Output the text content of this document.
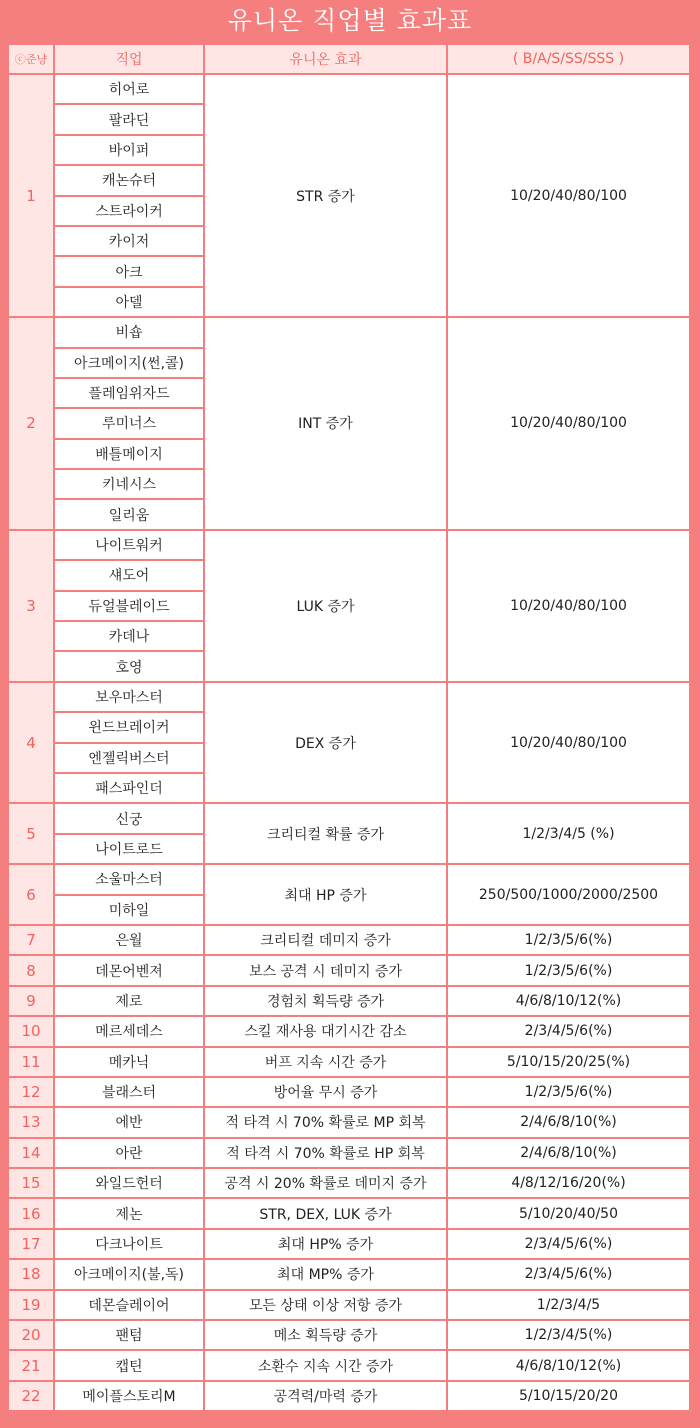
유니온 직업별 효과표
ⓒ준냥	직업	유니온 효과	( B/A/S/SS/SSS )
1	히어로	STR 증가	10/20/40/80/100
	팔라딘		
	바이퍼		
	캐논슈터		
	스트라이커		
	카이저		
	아크		
	아델		
2	비숍	INT 증가	10/20/40/80/100
	아크메이지(썬,콜)		
	플레임위자드		
	루미너스		
	배틀메이지		
	키네시스		
	일리움		
3	나이트워커	LUK 증가	10/20/40/80/100
	섀도어		
	듀얼블레이드		
	카데나		
	호영		
4	보우마스터	DEX 증가	10/20/40/80/100
	윈드브레이커		
	엔젤릭버스터		
	패스파인더		
5	신궁	크리티컬 확률 증가	1/2/3/4/5 (%)
	나이트로드		
6	소울마스터	최대 HP 증가	250/500/1000/2000/2500
	미하일		
7	은월	크리티컬 데미지 증가	1/2/3/5/6(%)
8	데몬어벤져	보스 공격 시 데미지 증가	1/2/3/5/6(%)
9	제로	경험치 획득량 증가	4/6/8/10/12(%)
10	메르세데스	스킬 재사용 대기시간 감소	2/3/4/5/6(%)
11	메카닉	버프 지속 시간 증가	5/10/15/20/25(%)
12	블래스터	방어율 무시 증가	1/2/3/5/6(%)
13	에반	적 타격 시 70% 확률로 MP 회복	2/4/6/8/10(%)
14	아란	적 타격 시 70% 확률로 HP 회복	2/4/6/8/10(%)
15	와일드헌터	공격 시 20% 확률로 데미지 증가	4/8/12/16/20(%)
16	제논	STR, DEX, LUK 증가	5/10/20/40/50
17	다크나이트	최대 HP% 증가	2/3/4/5/6(%)
18	아크메이지(불,독)	최대 MP% 증가	2/3/4/5/6(%)
19	데몬슬레이어	모든 상태 이상 저항 증가	1/2/3/4/5
20	팬텀	메소 획득량 증가	1/2/3/4/5(%)
21	캡틴	소환수 지속 시간 증가	4/6/8/10/12(%)
22	메이플스토리M	공격력/마력 증가	5/10/15/20/20
